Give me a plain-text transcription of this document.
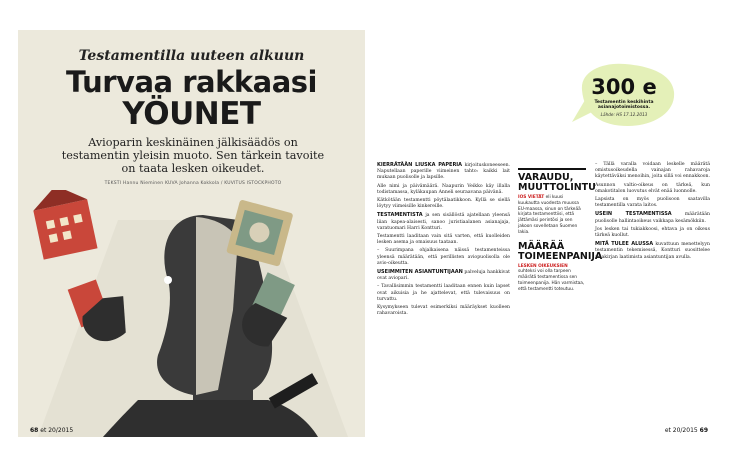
Testamentilla uuteen alkuun
Turvaa rakkaasi
YÖUNET
Avioparin keskinäinen jälkisäädös on testamentin yleisin muoto. Sen tärkein tavoite on taata lesken oikeudet.
TEKSTI Hannu Nieminen KUVA Johanna Kokkola / KUVITUS ISTOCKPHOTO
68 et 20/2015
300 e
Testamentin keskihinta asianajotoimistossa.
Lähde: HS 17.12.2013

KIERRÄTÄÄN LIUSKA PAPERIA kirjoituskoneeseen. Naputellaan paperille viimeinen tahto: kaikki lait mukaan puolisolle ja lapsille.

Alle nimi ja päivämäärä. Naapurin Veikko käy illalla todistamassa, kyläkaupan Anneli seuraavana päivänä.

Kätkötään testamentti pöytälaatikkoon. Kyllä se siellä löytyy viimeisille kinkereille.

TESTAMENTISTA ja sen sisällöstä ajatellaan yleensä liian kapea-alaisesti, sanoo juristiaalanen asianajaja, varatuomari Harri Kontturi.

Testamentti laaditaan vain sitä varten, että kuolleiden lesken asema ja omaisuus taataan.

– Suurimpana ohjalkaisena näissä testamenteissa yleensä määrätään, että perillisten aviopuolisolla ole avio-oikeutta.

USEIMMITEN ASIANTUNTIJAAN palveluja hankkivat ovat aviopari.

– Tavallisimmin testamentti laaditaan ennen kuin lapset ovat aikuisia ja he ajattelevat, että tulevaisuus on turvattu.

Kysymykseen tulevat esimerkiksi määräykset kuolleen rahavaroista.

VARAUDU, MUUTTOLINTU

IOS VIETÄT eli kuusi kuukautta vuodesta muussa EU-maassa, sinun on tärkeää kirjata testamenttiisi, että jättämäsi perintösi ja sen jakoon sovelletaan Suomen lakia.

MÄÄRÄÄ TOIMEENPANIJA

LESKEN OIKEUKSIEN suhteksi voi olla tarpeen määrätä testamentissa sen toimeenpanija. Hän varmistaa, että testamentti toteutuu.

– Tällä varalla voidaan leskelle määrätä omistusoikeudella vainajan rahavaroja käytettäväksi menoihin, joita sillä voi ennakkoon.

Asunnon valtio-oikeus on tärkeä, kun omakotitalon luovutus elvät enää luonnolle.

Lapsista on myös puolisoon saatavilla testamentilla varata laitos.

USEIN TESTAMENTISSA	määrätään puolisolle hallintaoikeus vaikkapa kesämökkiin.

Jos lesken tai tukiakkoosi, ehtava ja on oikeus tärkeä kuollut.

MITÄ TULEE ALUSSA kuvattuun menettelyyn testamentin tekemisessä, Kontturi suosittelee asiakirjan laatimista asiantuntijan avulla.

et 20/2015 69
